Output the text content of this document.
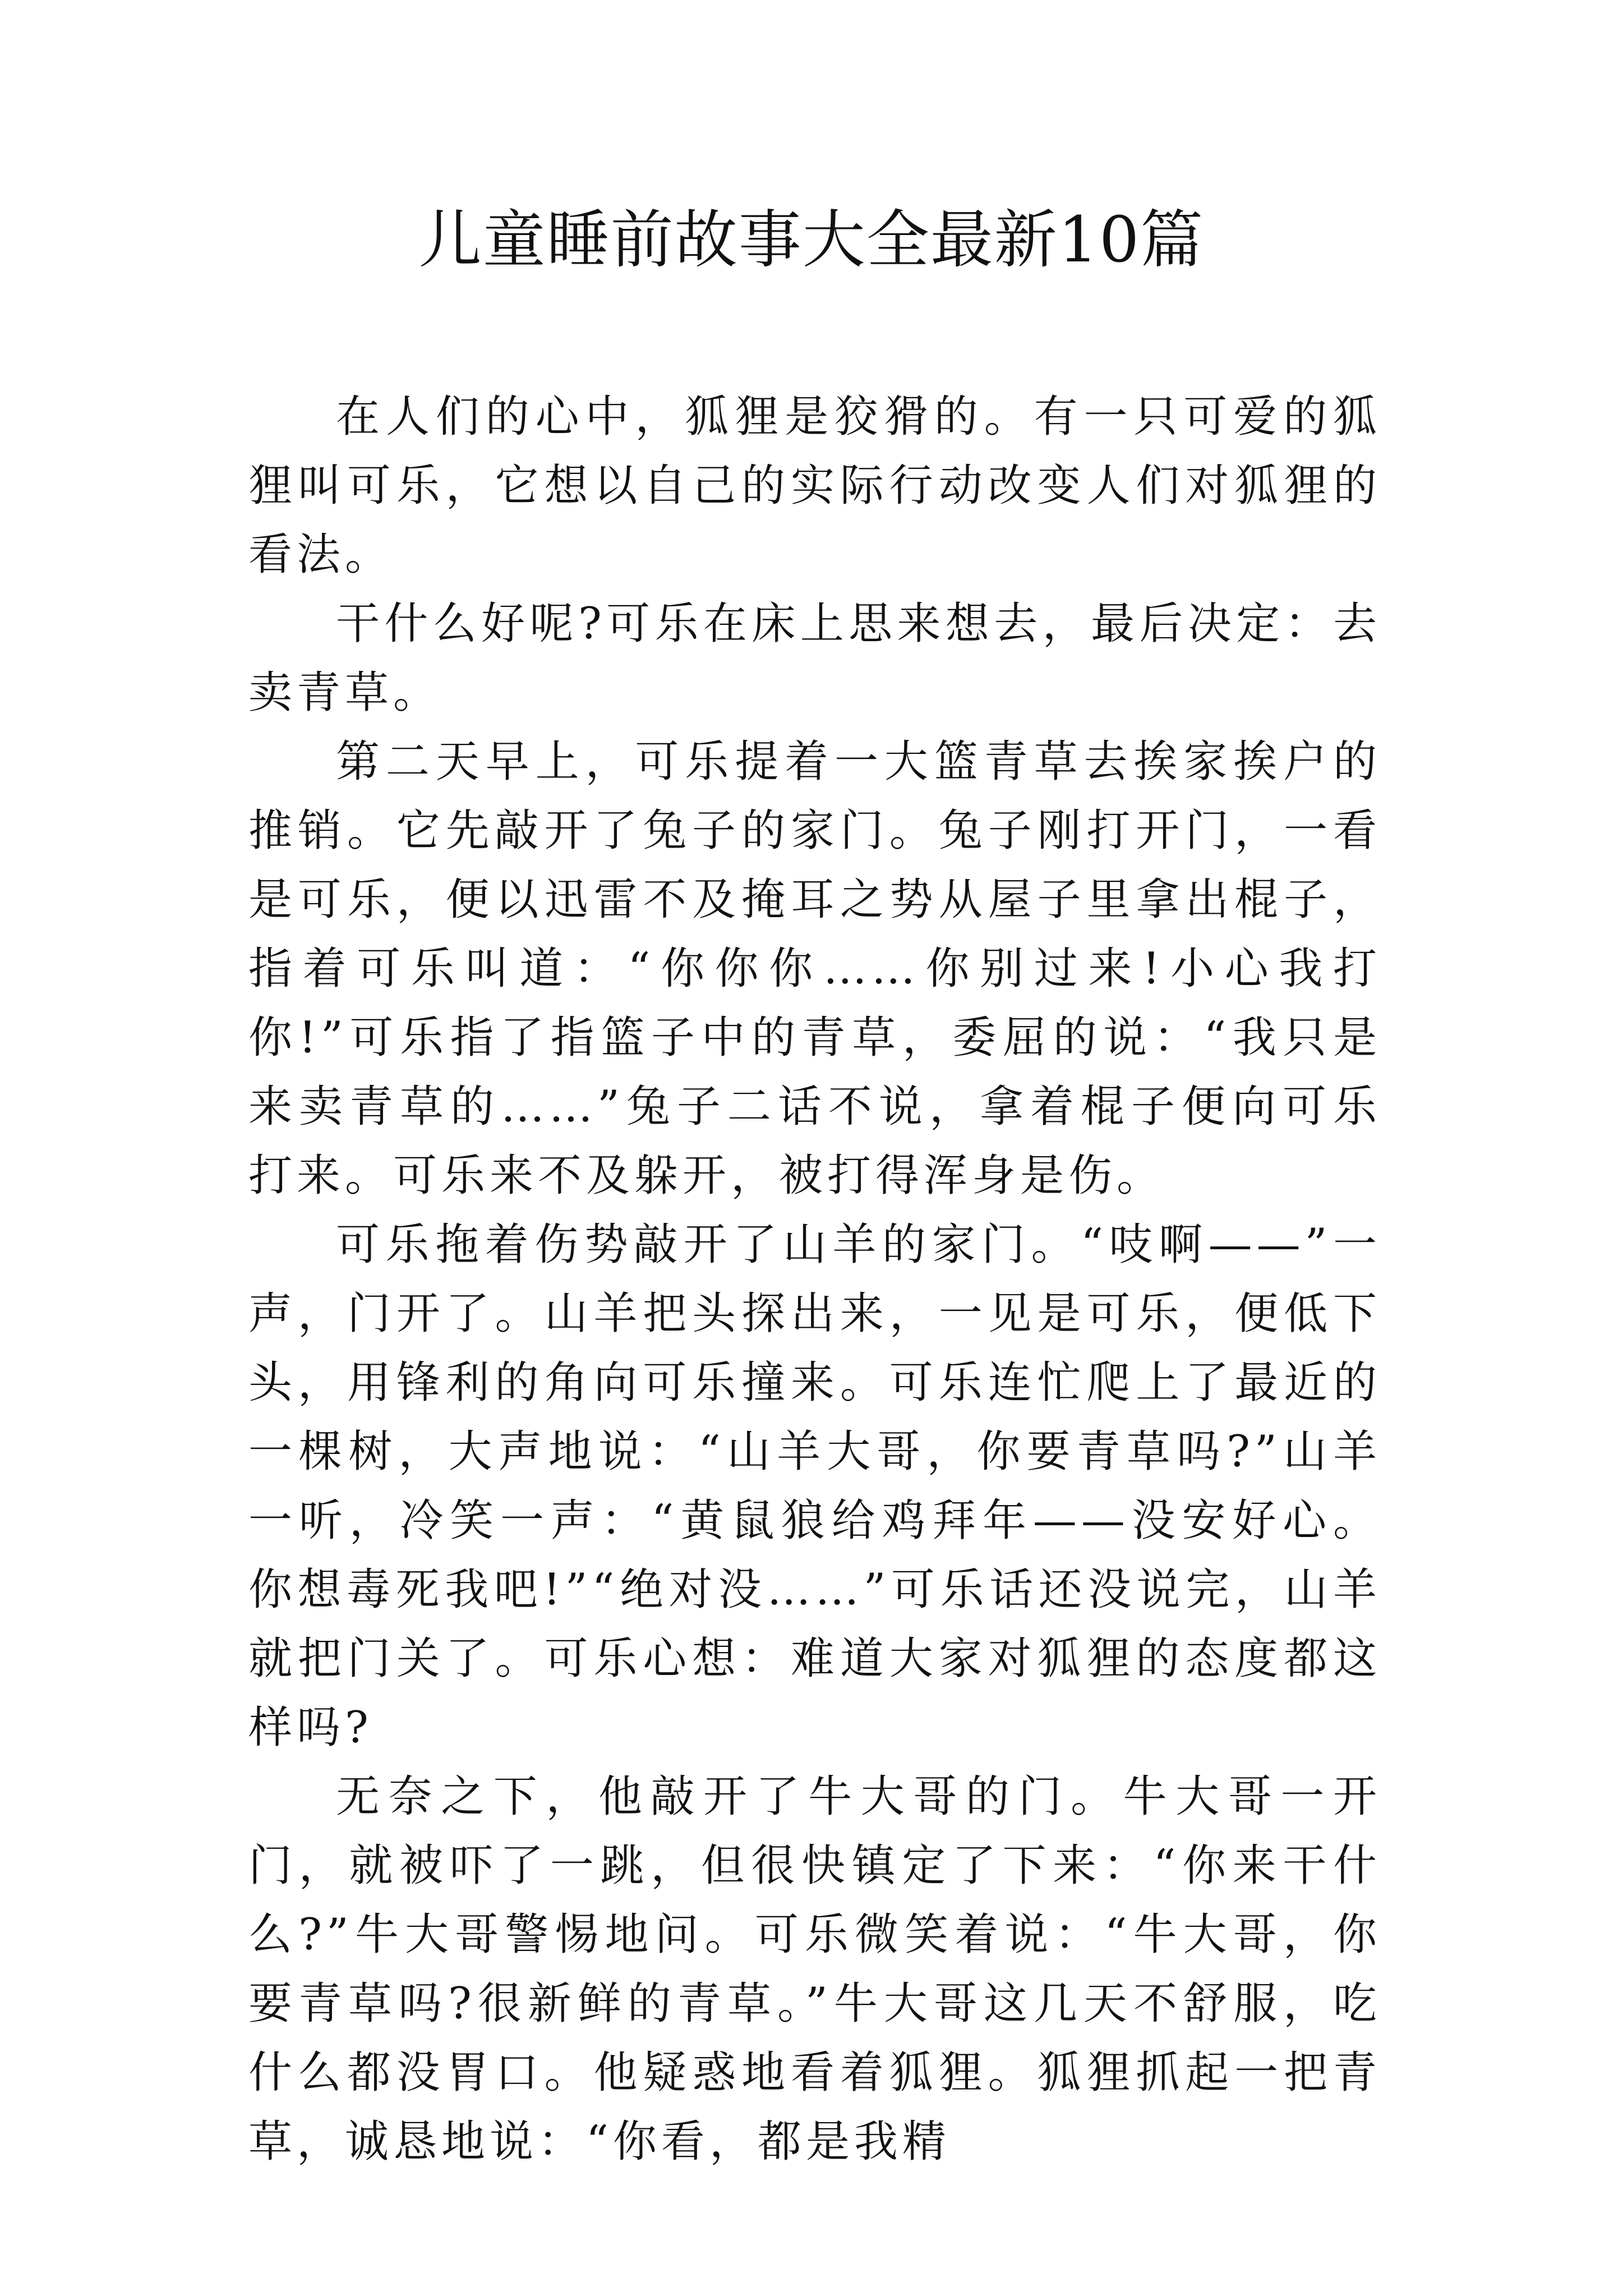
儿童睡前故事大全最新10篇

在人们的心中，狐狸是狡猾的。有一只可爱的狐狸叫可乐，它想以自己的实际行动改变人们对狐狸的看法。

干什么好呢?可乐在床上思来想去，最后决定：去卖青草。

第二天早上，可乐提着一大篮青草去挨家挨户的推销。它先敲开了兔子的家门。兔子刚打开门，一看是可乐，便以迅雷不及掩耳之势从屋子里拿出棍子，指着可乐叫道：“你你你……你别过来!小心我打你!”可乐指了指篮子中的青草，委屈的说：“我只是来卖青草的……”兔子二话不说，拿着棍子便向可乐打来。可乐来不及躲开，被打得浑身是伤。

可乐拖着伤势敲开了山羊的家门。“吱啊——”一声，门开了。山羊把头探出来，一见是可乐，便低下头，用锋利的角向可乐撞来。可乐连忙爬上了最近的一棵树，大声地说：“山羊大哥，你要青草吗?”山羊一听，冷笑一声：“黄鼠狼给鸡拜年——没安好心。你想毒死我吧!”“绝对没……”可乐话还没说完，山羊就把门关了。可乐心想：难道大家对狐狸的态度都这样吗?

无奈之下，他敲开了牛大哥的门。牛大哥一开门，就被吓了一跳，但很快镇定了下来：“你来干什么?”牛大哥警惕地问。可乐微笑着说：“牛大哥，你要青草吗?很新鲜的青草。”牛大哥这几天不舒服，吃什么都没胃口。他疑惑地看着狐狸。狐狸抓起一把青草，诚恳地说：“你看，都是我精
